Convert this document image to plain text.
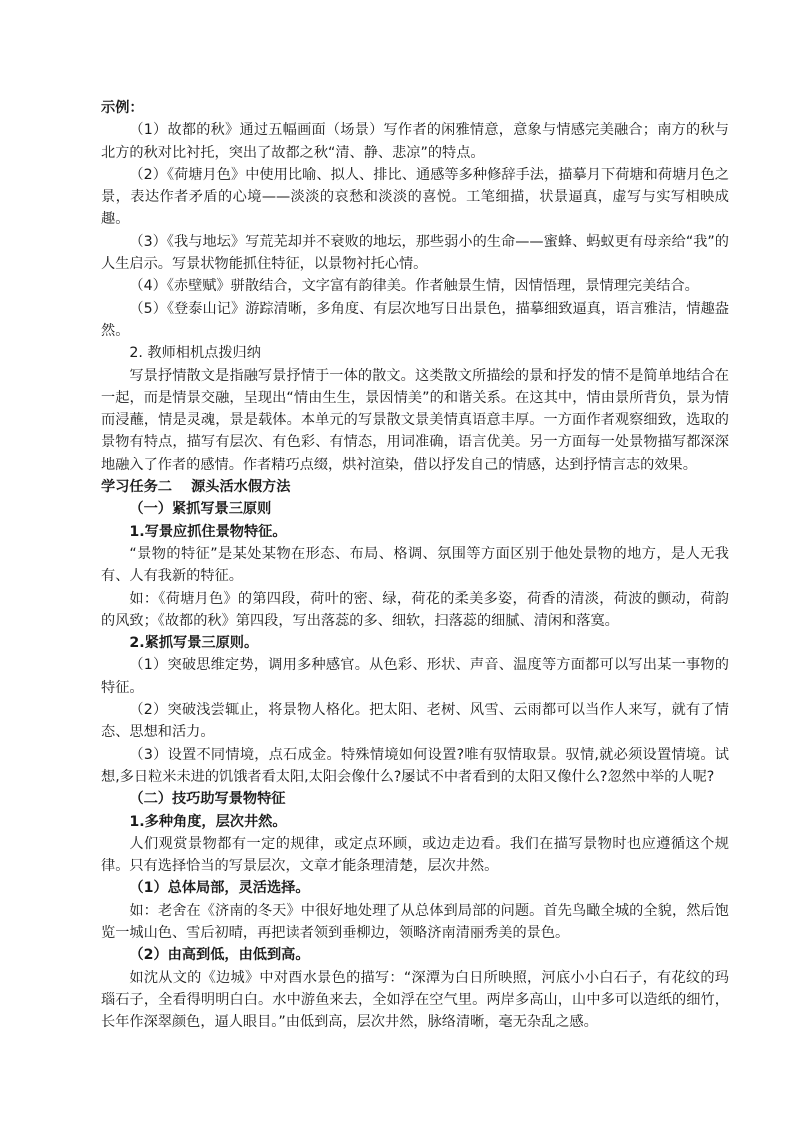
示例：
（1）故都的秋》通过五幅画面（场景）写作者的闲雅情意，意象与情感完美融合；南方的秋与北方的秋对比衬托，突出了故都之秋“清、静、悲凉”的特点。
（2）《荷塘月色》中使用比喻、拟人、排比、通感等多种修辞手法，描摹月下荷塘和荷塘月色之景，表达作者矛盾的心境——淡淡的哀愁和淡淡的喜悦。工笔细描，状景逼真，虚写与实写相映成趣。
（3）《我与地坛》写荒芜却并不衰败的地坛，那些弱小的生命——蜜蜂、蚂蚁更有母亲给“我”的人生启示。写景状物能抓住特征，以景物衬托心情。
（4）《赤壁赋》骈散结合，文字富有韵律美。作者触景生情，因情悟理，景情理完美结合。
（5）《登泰山记》游踪清晰，多角度、有层次地写日出景色，描摹细致逼真，语言雅洁，情趣盎然。
2. 教师相机点拨归纳
写景抒情散文是指融写景抒情于一体的散文。这类散文所描绘的景和抒发的情不是简单地结合在一起，而是情景交融，呈现出“情由生生，景因情美”的和谐关系。在这其中，情由景所背负，景为情而浸蘸，情是灵魂，景是载体。本单元的写景散文景美情真语意丰厚。一方面作者观察细致，选取的景物有特点，描写有层次、有色彩、有情态，用词准确，语言优美。另一方面每一处景物描写都深深地融入了作者的感情。作者精巧点缀，烘衬渲染，借以抒发自己的情感，达到抒情言志的效果。
学习任务二　 源头活水假方法
（一）紧抓写景三原则
1.写景应抓住景物特征。
“景物的特征”是某处某物在形态、布局、格调、氛围等方面区别于他处景物的地方，是人无我有、人有我新的特征。
如：《荷塘月色》的第四段，荷叶的密、绿，荷花的柔美多姿，荷香的清淡，荷波的颤动，荷韵的风致；《故都的秋》第四段，写出落蕊的多、细软，扫落蕊的细腻、清闲和落寞。
2.紧抓写景三原则。
（1）突破思维定势，调用多种感官。从色彩、形状、声音、温度等方面都可以写出某一事物的特征。
（2）突破浅尝辄止，将景物人格化。把太阳、老树、风雪、云雨都可以当作人来写，就有了情态、思想和活力。
（3）设置不同情境，点石成金。特殊情境如何设置?唯有驭情取景。驭情,就必须设置情境。试想,多日粒米未进的饥饿者看太阳,太阳会像什么?屡试不中者看到的太阳又像什么?忽然中举的人呢?
（二）技巧助写景物特征
1.多种角度，层次井然。
人们观赏景物都有一定的规律，或定点环顾，或边走边看。我们在描写景物时也应遵循这个规律。只有选择恰当的写景层次，文章才能条理清楚，层次井然。
（1）总体局部，灵活选择。
如：老舍在《济南的冬天》中很好地处理了从总体到局部的问题。首先鸟瞰全城的全貌，然后饱览一城山色、雪后初晴，再把读者领到垂柳边，领略济南清丽秀美的景色。
（2）由高到低，由低到高。
如沈从文的《边城》中对酉水景色的描写：“深潭为白日所映照，河底小小白石子，有花纹的玛瑙石子，全看得明明白白。水中游鱼来去，全如浮在空气里。两岸多高山，山中多可以造纸的细竹，长年作深翠颜色，逼人眼目。”由低到高，层次井然，脉络清晰，毫无杂乱之感。
